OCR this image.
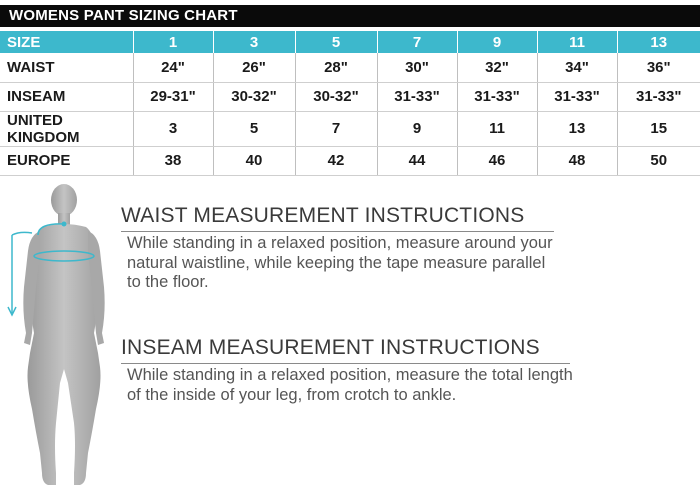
WOMENS PANT SIZING CHART
SIZE	1	3	5	7	9	11	13
WAIST	24"	26"	28"	30"	32"	34"	36"
INSEAM	29-31"	30-32"	30-32"	31-33"	31-33"	31-33"	31-33"
UNITED KINGDOM	3	5	7	9	11	13	15
EUROPE	38	40	42	44	46	48	50
WAIST MEASUREMENT INSTRUCTIONS

While standing in a relaxed position, measure around your
natural waistline, while keeping the tape measure parallel
to the floor.

INSEAM MEASUREMENT INSTRUCTIONS

While standing in a relaxed position, measure the total length
of the inside of your leg, from crotch to ankle.
